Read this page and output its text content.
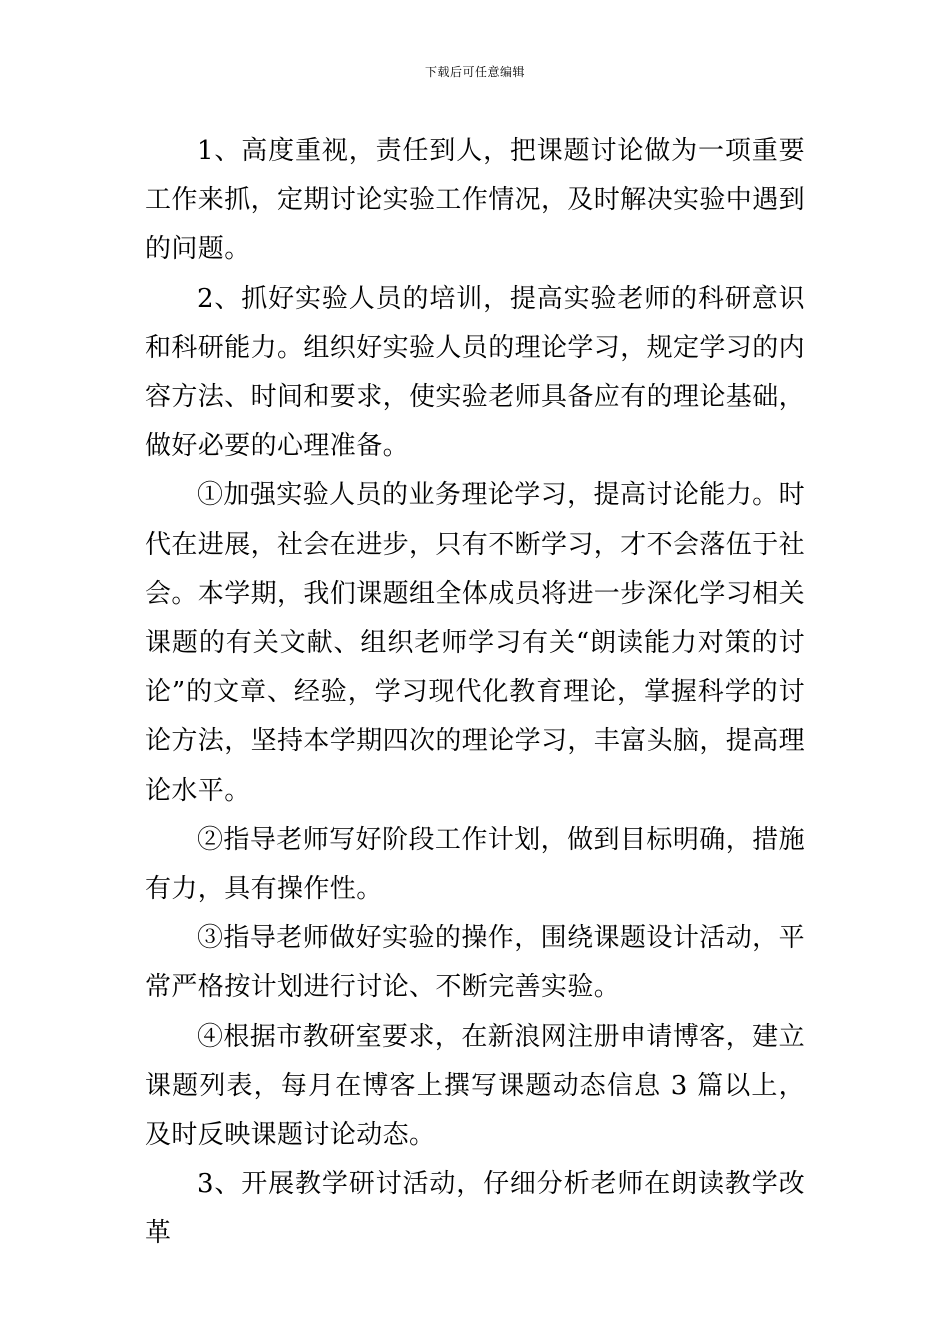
下载后可任意编辑

1、高度重视，责任到人，把课题讨论做为一项重要工作来抓，定期讨论实验工作情况，及时解决实验中遇到的问题。

2、抓好实验人员的培训，提高实验老师的科研意识和科研能力。组织好实验人员的理论学习，规定学习的内容方法、时间和要求，使实验老师具备应有的理论基础，做好必要的心理准备。

①加强实验人员的业务理论学习，提高讨论能力。时代在进展，社会在进步，只有不断学习，才不会落伍于社会。本学期，我们课题组全体成员将进一步深化学习相关课题的有关文献、组织老师学习有关“朗读能力对策的讨论”的文章、经验，学习现代化教育理论，掌握科学的讨论方法，坚持本学期四次的理论学习，丰富头脑，提高理论水平。

②指导老师写好阶段工作计划，做到目标明确，措施有力，具有操作性。

③指导老师做好实验的操作，围绕课题设计活动，平常严格按计划进行讨论、不断完善实验。

④根据市教研室要求，在新浪网注册申请博客，建立课题列表，每月在博客上撰写课题动态信息 3 篇以上，及时反映课题讨论动态。

3、开展教学研讨活动，仔细分析老师在朗读教学改革
